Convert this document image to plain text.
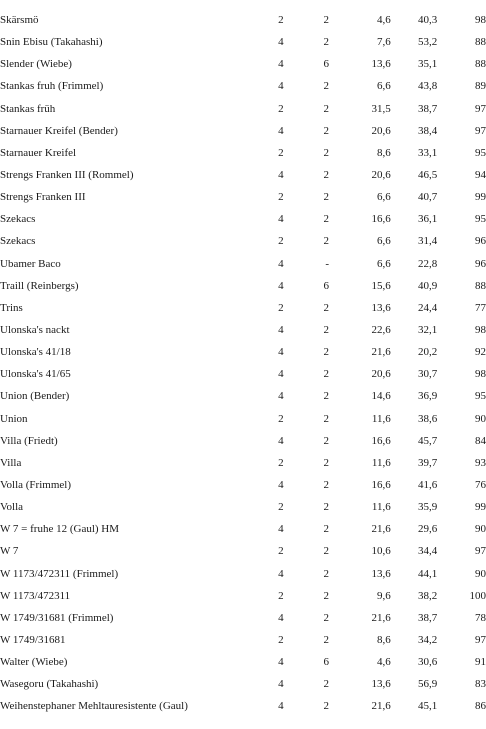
Skärsmö	2	2	4,6	40,3	98
Snin Ebisu (Takahashi)	4	2	7,6	53,2	88
Slender (Wiebe)	4	6	13,6	35,1	88
Stankas fruh (Frimmel)	4	2	6,6	43,8	89
Stankas früh	2	2	31,5	38,7	97
Starnauer Kreifel (Bender)	4	2	20,6	38,4	97
Starnauer Kreifel	2	2	8,6	33,1	95
Strengs Franken III (Rommel)	4	2	20,6	46,5	94
Strengs Franken III	2	2	6,6	40,7	99
Szekacs	4	2	16,6	36,1	95
Szekacs	2	2	6,6	31,4	96
Ubamer Baco	4	-	6,6	22,8	96
Traill (Reinbergs)	4	6	15,6	40,9	88
Trins	2	2	13,6	24,4	77
Ulonska's nackt	4	2	22,6	32,1	98
Ulonska's 41/18	4	2	21,6	20,2	92
Ulonska's 41/65	4	2	20,6	30,7	98
Union (Bender)	4	2	14,6	36,9	95
Union	2	2	11,6	38,6	90
Villa (Friedt)	4	2	16,6	45,7	84
Villa	2	2	11,6	39,7	93
Volla (Frimmel)	4	2	16,6	41,6	76
Volla	2	2	11,6	35,9	99
W 7 = fruhe 12 (Gaul) HM	4	2	21,6	29,6	90
W 7	2	2	10,6	34,4	97
W 1173/472311 (Frimmel)	4	2	13,6	44,1	90
W 1173/472311	2	2	9,6	38,2	100
W 1749/31681 (Frimmel)	4	2	21,6	38,7	78
W 1749/31681	2	2	8,6	34,2	97
Walter (Wiebe)	4	6	4,6	30,6	91
Wasegoru (Takahashi)	4	2	13,6	56,9	83
Weihenstephaner Mehltauresistente (Gaul)	4	2	21,6	45,1	86
